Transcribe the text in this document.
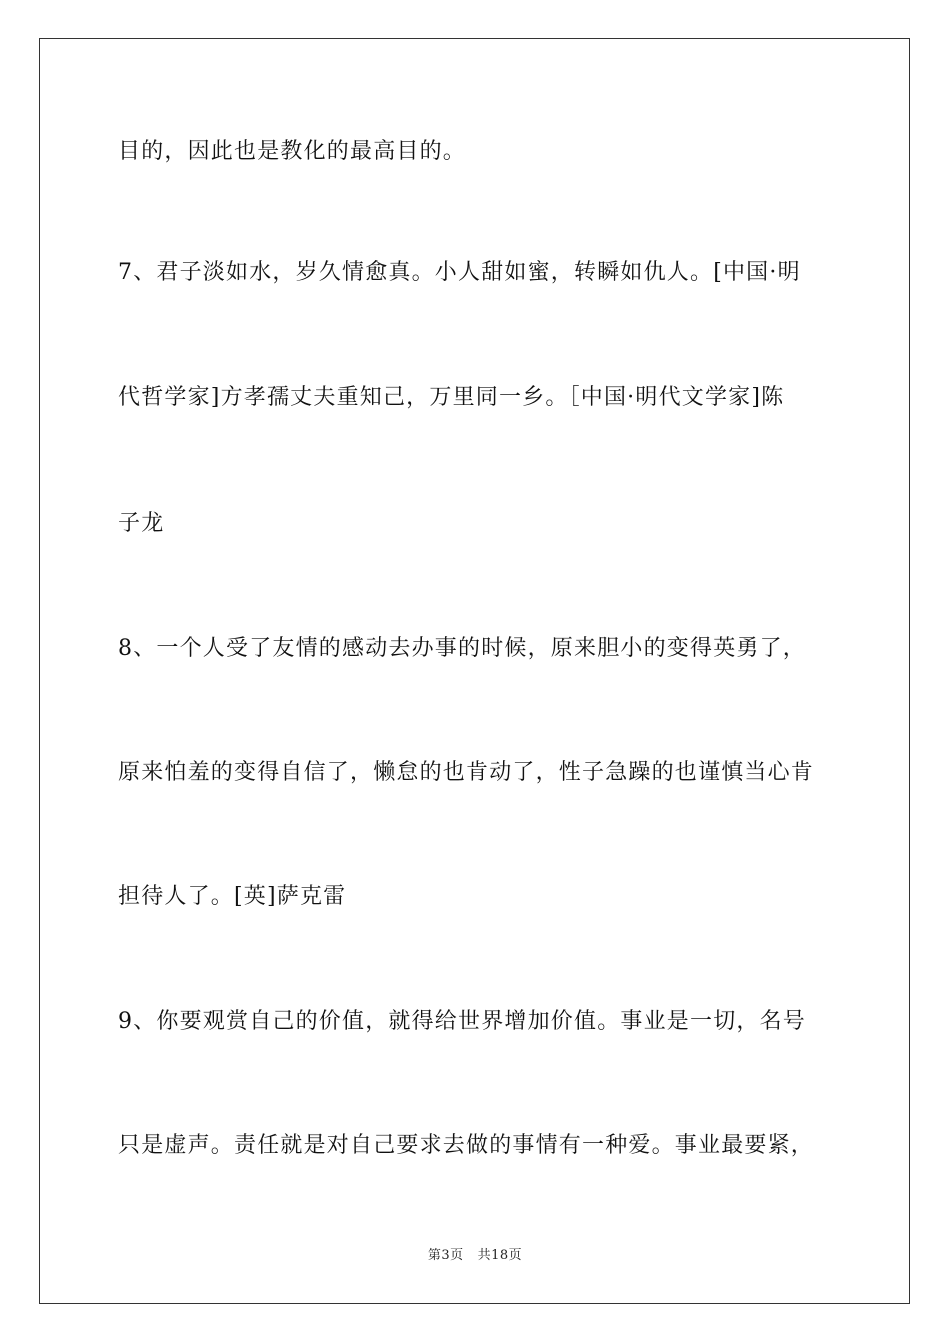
目的，因此也是教化的最高目的。
7、君子淡如水，岁久情愈真。小人甜如蜜，转瞬如仇人。[中国·明
代哲学家]方孝孺丈夫重知己，万里同一乡。［中国·明代文学家]陈
子龙
8、一个人受了友情的感动去办事的时候，原来胆小的变得英勇了，
原来怕羞的变得自信了，懒怠的也肯动了，性子急躁的也谨慎当心肯
担待人了。[英]萨克雷
9、你要观赏自己的价值，就得给世界增加价值。事业是一切，名号
只是虚声。责任就是对自己要求去做的事情有一种爱。事业最要紧，
第3页 共18页
